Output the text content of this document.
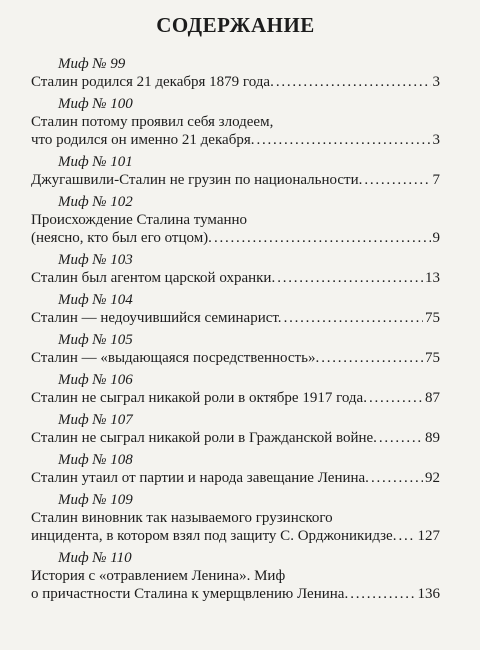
СОДЕРЖАНИЕ

Миф № 99

Сталин родился 21 декабря 1879 года. . . .	3

Миф № 100

Сталин потому проявил себя злодеем,

что родился он именно 21 декабря. . . .	3

Миф № 101

Джугашвили-Сталин не грузин по национальности. . . .	7

Миф № 102

Происхождение Сталина туманно

(неясно, кто был его отцом). . . .	9

Миф № 103

Сталин был агентом царской охранки. . . .	13

Миф № 104

Сталин — недоучившийся семинарист. . . .	75

Миф № 105

Сталин — «выдающаяся посредственность». . . .	75

Миф № 106

Сталин не сыграл никакой роли в октябре 1917 года. . . .	87

Миф № 107

Сталин не сыграл никакой роли в Гражданской войне. . . .	89

Миф № 108

Сталин утаил от партии и народа завещание Ленина. . . .	92

Миф № 109

Сталин виновник так называемого грузинского

инцидента, в котором взял под защиту С. Орджоникидзе. . . . 127

Миф № 110

История с «отравлением Ленина». Миф

о причастности Сталина к умерщвлению Ленина. . . .	136
